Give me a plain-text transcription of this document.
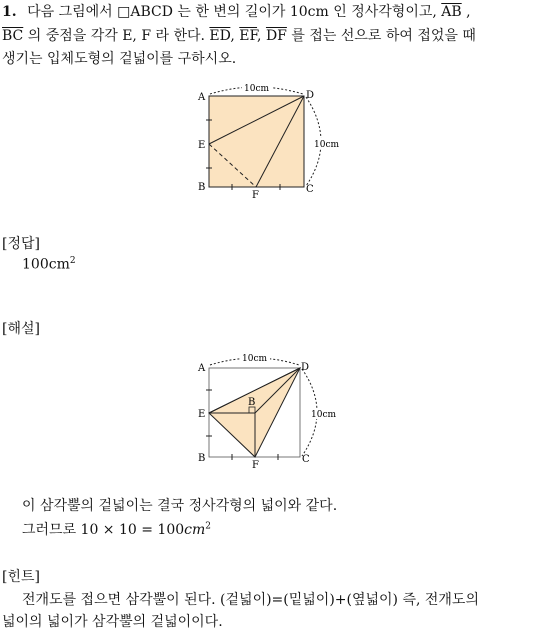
1. 다음 그림에서 □ABCD 는 한 변의 길이가 10cm 인 정사각형이고, $\overline{AB}$ ,
$\overline{BC}$ 의 중점을 각각 E, F 라 한다. $\overline{ED}$, $\overline{EF}$, $\overline{DF}$ 를 접는 선으로 하여 접었을 때
생기는 입체도형의 겉넓이를 구하시오.
10cm
10cm
A	D
E
B	C
F
[정답]
$100cm^2$
[해설]
10cm
10cm
A	D
E
B
B	C
F
이 삼각뿔의 겉넓이는 결국 정사각형의 넓이와 같다.
그러므로 $10 \times 10 = 100cm^2$
[힌트]
전개도를 접으면 삼각뿔이 된다. (겉넓이)=(밑넓이)+(옆넓이) 즉, 전개도의
넓이의 넓이가 삼각뿔의 겉넓이이다.
